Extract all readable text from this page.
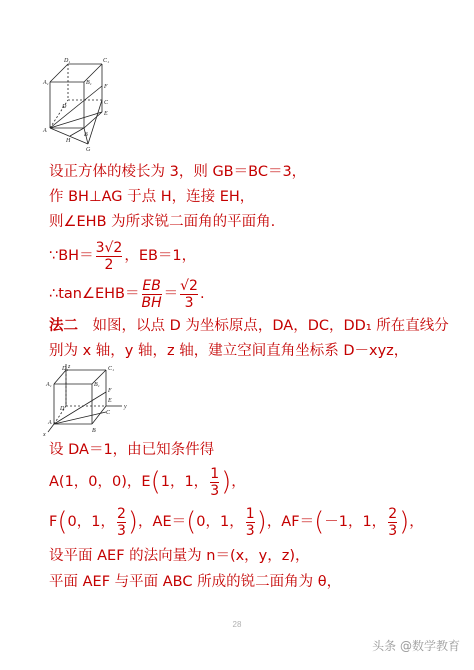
D₁	C₁
A₁	B₁
D
C
F
E
A
B
H
G
设正方体的棱长为 3，则 GB＝BC＝3，
作 BH⊥AG 于点 H，连接 EH，
则∠EHB 为所求锐二面角的平面角.
∵BH＝ $\frac{3√2}{2}$ ，EB＝1，
∴tan∠EHB＝ $\frac{EB}{BH} = \frac{√2}{3}$ .
法二　如图，以点 D 为坐标原点，DA，DC，DD₁ 所在直线分
别为 x 轴，y 轴，z 轴，建立空间直角坐标系 D－xyz，
z
D₁	C₁
A₁	B₁
F
D
C
E
y
A
B
x
设 DA＝1，由已知条件得
A(1，0，0)，E(1，1， $\frac{1}{3}$ )，
F(0，1， $\frac{2}{3}$ )，AE＝(0，1， $\frac{1}{3}$ )，AF＝(－1，1， $\frac{2}{3}$ )，
设平面 AEF 的法向量为 n＝(x，y，z)，
平面 AEF 与平面 ABC 所成的锐二面角为 θ，
28
头条 @数学教育
